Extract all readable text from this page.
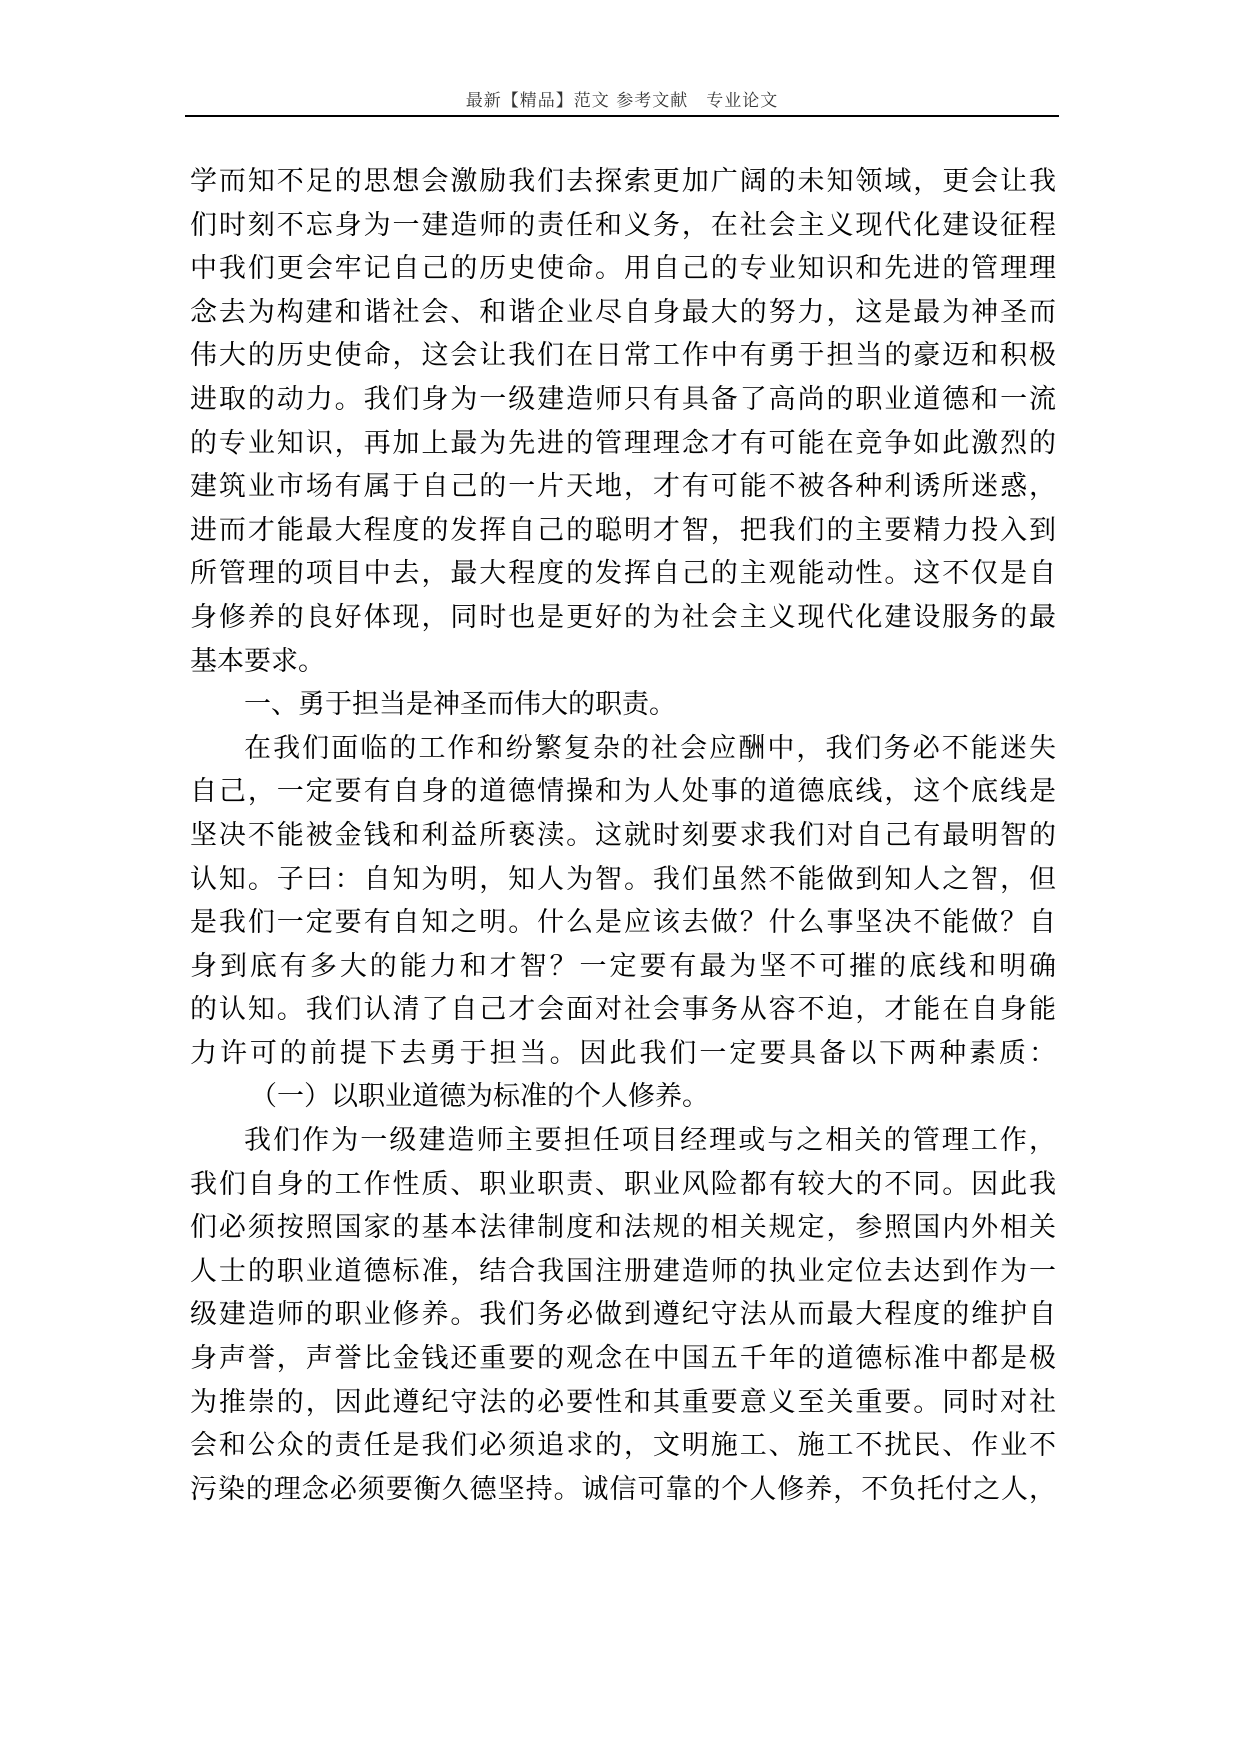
最新【精品】范文 参考文献　专业论文
学而知不足的思想会激励我们去探索更加广阔的未知领域，更会让我
们时刻不忘身为一建造师的责任和义务，在社会主义现代化建设征程
中我们更会牢记自己的历史使命。用自己的专业知识和先进的管理理
念去为构建和谐社会、和谐企业尽自身最大的努力，这是最为神圣而
伟大的历史使命，这会让我们在日常工作中有勇于担当的豪迈和积极
进取的动力。我们身为一级建造师只有具备了高尚的职业道德和一流
的专业知识，再加上最为先进的管理理念才有可能在竞争如此激烈的
建筑业市场有属于自己的一片天地，才有可能不被各种利诱所迷惑，
进而才能最大程度的发挥自己的聪明才智，把我们的主要精力投入到
所管理的项目中去，最大程度的发挥自己的主观能动性。这不仅是自
身修养的良好体现，同时也是更好的为社会主义现代化建设服务的最
基本要求。
一、勇于担当是神圣而伟大的职责。
在我们面临的工作和纷繁复杂的社会应酬中，我们务必不能迷失
自己，一定要有自身的道德情操和为人处事的道德底线，这个底线是
坚决不能被金钱和利益所亵渎。这就时刻要求我们对自己有最明智的
认知。子曰：自知为明，知人为智。我们虽然不能做到知人之智，但
是我们一定要有自知之明。什么是应该去做？什么事坚决不能做？自
身到底有多大的能力和才智？一定要有最为坚不可摧的底线和明确
的认知。我们认清了自己才会面对社会事务从容不迫，才能在自身能
力许可的前提下去勇于担当。因此我们一定要具备以下两种素质：
（一）以职业道德为标准的个人修养。
我们作为一级建造师主要担任项目经理或与之相关的管理工作，
我们自身的工作性质、职业职责、职业风险都有较大的不同。因此我
们必须按照国家的基本法律制度和法规的相关规定，参照国内外相关
人士的职业道德标准，结合我国注册建造师的执业定位去达到作为一
级建造师的职业修养。我们务必做到遵纪守法从而最大程度的维护自
身声誉，声誉比金钱还重要的观念在中国五千年的道德标准中都是极
为推崇的，因此遵纪守法的必要性和其重要意义至关重要。同时对社
会和公众的责任是我们必须追求的，文明施工、施工不扰民、作业不
污染的理念必须要衡久德坚持。诚信可靠的个人修养，不负托付之人，
